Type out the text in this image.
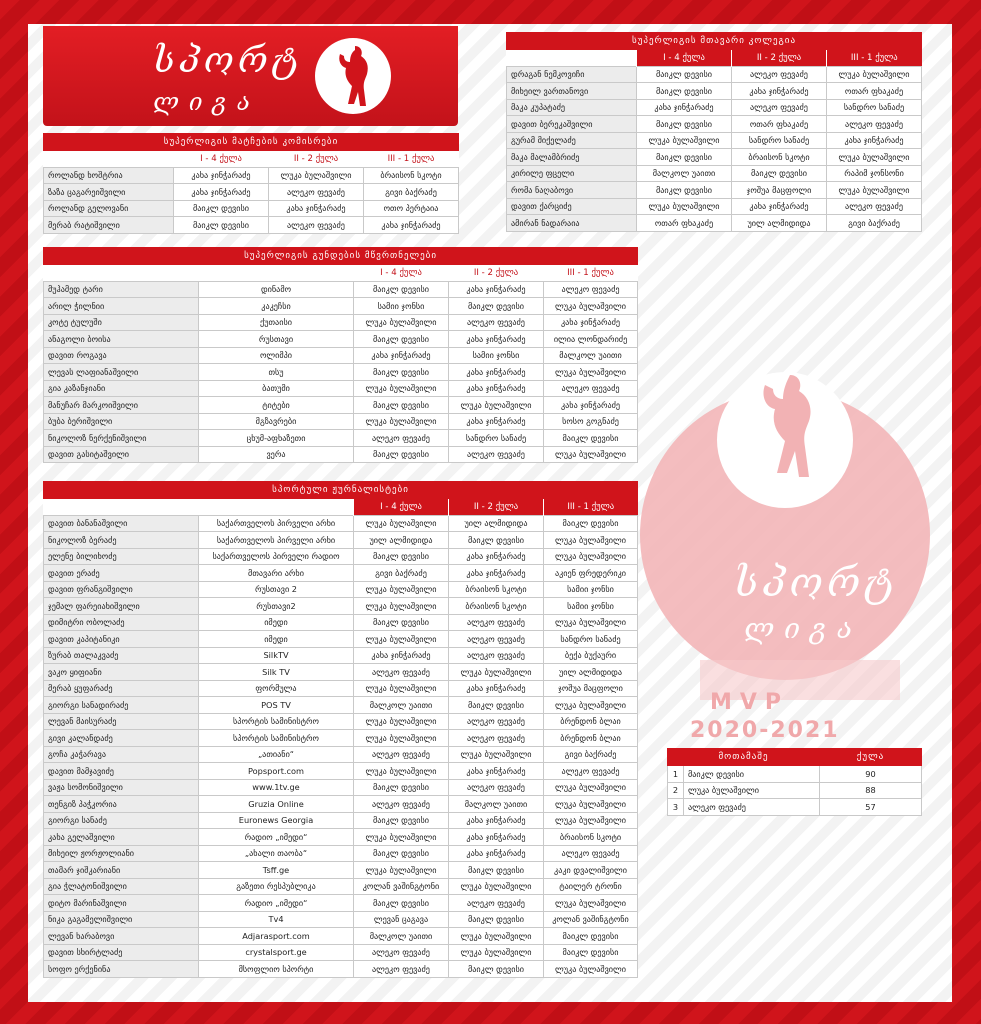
სპორტ
ლიგა
სუპერლიგის მატჩების კომისრები			
	I - 4 ქულა	II - 2 ქულა	III - 1 ქულა
როლანდ ხოშტრია	კახა ჯინჭარაძე	ლუკა ბულაშვილი	ბრაისონ სკოტი
ზაზა ცაგარეიშვილი	კახა ჯინჭარაძე	ალეკო ფევაძე	გივი ბაქრაძე
როლანდ გელოვანი	მაიკლ დევისი	კახა ჯინჭარაძე	ოთო პერტაია
მერაბ რატიშვილი	მაიკლ დევისი	ალეკო ფევაძე	კახა ჯინჭარაძე
სუპერლიგის მთავარი კოლეგია			
	I - 4 ქულა	II - 2 ქულა	III - 1 ქულა
დრაგან ნემკოვიჩი	მაიკლ დევისი	ალეკო ფევაძე	ლუკა ბულაშვილი
მიხეილ ვართანოვი	მაიკლ დევისი	კახა ჯინჭარაძე	ოთარ ფხაკაძე
მაკა კუპატაძე	კახა ჯინჭარაძე	ალეკო ფევაძე	სანდრო სანაძე
დავით ბერეკაშვილი	მაიკლ დევისი	ოთარ ფხაკაძე	ალეკო ფევაძე
გურამ მიქელაძე	ლუკა ბულაშვილი	სანდრო სანაძე	კახა ჯინჭარაძე
მაკა მალამბრიძე	მაიკლ დევისი	ბრაისონ სკოტი	ლუკა ბულაშვილი
კირილე ფცელი	მალკოლ უაითი	მაიკლ დევისი	რაპიმ ჯონსონი
რომა ნაღაბოვი	მაიკლ დევისი	ჯოშუა მაცფოლი	ლუკა ბულაშვილი
დავით ქარციძე	ლუკა ბულაშვილი	კახა ჯინჭარაძე	ალეკო ფევაძე
ამირან ნადარაია	ოთარ ფხაკაძე	უილ ალმიდიდა	გივი ბაქრაძე
სუპერლიგის გუნდების მწვრთნელები				
		I - 4 ქულა	II - 2 ქულა	III - 1 ქულა
მუჰამედ ტარი	დინამო	მაიკლ დევისი	კახა ჯინჭარაძე	ალეკო ფევაძე
არილ ჭილნიი	კაკეჩსი	სამიი ჯონსი	მაიკლ დევისი	ლუკა ბულაშვილი
კოტე ტულუში	ქუთაისი	ლუკა ბულაშვილი	ალეკო ფევაძე	კახა ჯინჭარაძე
ანაგოლი ბოისა	რუსთავი	მაიკლ დევისი	კახა ჯინჭარაძე	ილია ლონდარიძე
დავით როგავა	ოლიმპი	კახა ჯინჭარაძე	სამიი ჯონსი	მალკოლ უაითი
ლევას ლაფიანაშვილი	თსუ	მაიკლ დევისი	კახა ჯინჭარაძე	ლუკა ბულაშვილი
გია კაზანჯიანი	ბათუმი	ლუკა ბულაშვილი	კახა ჯინჭარაძე	ალეკო ფევაძე
მანუჩარ მარკოიშვილი	ტიტები	მაიკლ დევისი	ლუკა ბულაშვილი	კახა ჯინჭარაძე
ბუბა ბერიშვილი	მგზავრები	ლუკა ბულაშვილი	კახა ჯინჭარაძე	სოსო გოგნაძე
ნიკოლოზ ნერქენიშვილი	ცხუმ-აფხაზეთი	ალეკო ფევაძე	სანდრო სანაძე	მაიკლ დევისი
დავით გასიტაშვილი	ვერა	მაიკლ დევისი	ალეკო ფევაძე	ლუკა ბულაშვილი
სპორტული ჟურნალისტები				
		I - 4 ქულა	II - 2 ქულა	III - 1 ქულა
დავით ბანანაშვილი	საქართველოს პირველი არხი	ლუკა ბულაშვილი	უილ ალმიდიდა	მაიკლ დევისი
ნიკოლოზ ბერაძე	საქართველოს პირველი არხი	უილ ალმიდიდა	მაიკლ დევისი	ლუკა ბულაშვილი
ელენე ბილიხოძე	საქართველოს პირველი რადიო	მაიკლ დევისი	კახა ჯინჭარაძე	ლუკა ბულაშვილი
დავით ერაძე	მთავარი არხი	გივი ბაქრაძე	კახა ჯინჭარაძე	აკიენ ფრედერიკი
დავით ფრანგიშვილი	რუსთავი 2	ლუკა ბულაშვილი	ბრაისონ სკოტი	სამიი ჯონსი
ჯემალ ფარეიახიშვილი	რუსთავი2	ლუკა ბულაშვილი	ბრაისონ სკოტი	სამიი ჯონსი
დიმიტრი ობოლაძე	იმედი	მაიკლ დევისი	ალეკო ფევაძე	ლუკა ბულაშვილი
დავით კაპიტანიკი	იმედი	ლუკა ბულაშვილი	ალეკო ფევაძე	სანდრო სანაძე
ზურაბ თალაკვაძე	SilkTV	კახა ჯინჭარაძე	ალეკო ფევაძე	ბექა ბუქაური
ვაკო ყიფიანი	Silk TV	ალეკო ფევაძე	ლუკა ბულაშვილი	უილ ალმიდიდა
მერაბ ყუფარაძე	ფორმულა	ლუკა ბულაშვილი	კახა ჯინჭარაძე	ჯოშუა მაცფოლი
გიორგი სანადირაძე	POS TV	მალკოლ უაითი	მაიკლ დევისი	ლუკა ბულაშვილი
ლევან მაისურაძე	სპორტის სამინისტრო	ლუკა ბულაშვილი	ალეკო ფევაძე	ბრენდონ ბლაი
გივი კალანდაძე	სპორტის სამინისტრო	ლუკა ბულაშვილი	ალეკო ფევაძე	ბრენდონ ბლაი
გოჩა კაჭარავა	„ათიანი“	ალეკო ფევაძე	ლუკა ბულაშვილი	გივი ბაქრაძე
დავით მამჯავიძე	Popsport.com	ლუკა ბულაშვილი	კახა ჯინჭარაძე	ალეკო ფევაძე
ვაჟა სომონიშვილი	www.1tv.ge	მაიკლ დევისი	ალეკო ფევაძე	ლუკა ბულაშვილი
თენგიზ პაჭკორია	Gruzia Online	ალეკო ფევაძე	მალკოლ უაითი	ლუკა ბულაშვილი
გიორგი სანაძე	Euronews Georgia	მაიკლ დევისი	კახა ჯინჭარაძე	ლუკა ბულაშვილი
კახა გელაშვილი	რადიო „იმედი“	ლუკა ბულაშვილი	კახა ჯინჭარაძე	ბრაისონ სკოტი
მიხეილ ჟორჟოლიანი	„ახალი თაობა“	მაიკლ დევისი	კახა ჯინჭარაძე	ალეკო ფევაძე
თამარ ჯიშკარიანი	Tsff.ge	ლუკა ბულაშვილი	მაიკლ დევისი	კაკი დვალიშვილი
გია ჭლატონიშვილი	გაზეთი რესპუბლიკა	კოლან ვაშინგტონი	ლუკა ბულაშვილი	ტაილერ ტრონი
დიტო მარინაშვილი	რადიო „იმედი“	მაიკლ დევისი	ალეკო ფევაძე	ლუკა ბულაშვილი
ნიკა გაგამელიშვილი	Tv4	ლევან ცაგავა	მაიკლ დევისი	კოლან ვაშინგტონი
ლევან ხარაბოვი	Adjarasport.com	მალკოლ უაითი	ლუკა ბულაშვილი	მაიკლ დევისი
დავით სხირტლაძე	crystalsport.ge	ალეკო ფევაძე	ლუკა ბულაშვილი	მაიკლ დევისი
სოფო ერქენინა	მსოფლიო სპორტი	ალეკო ფევაძე	მაიკლ დევისი	ლუკა ბულაშვილი
სპორტ
ლიგა
MVP
2020-2021
მოთამაშე		ქულა
1	მაიკლ დევისი	90
2	ლუკა ბულაშვილი	88
3	ალეკო ფევაძე	57
